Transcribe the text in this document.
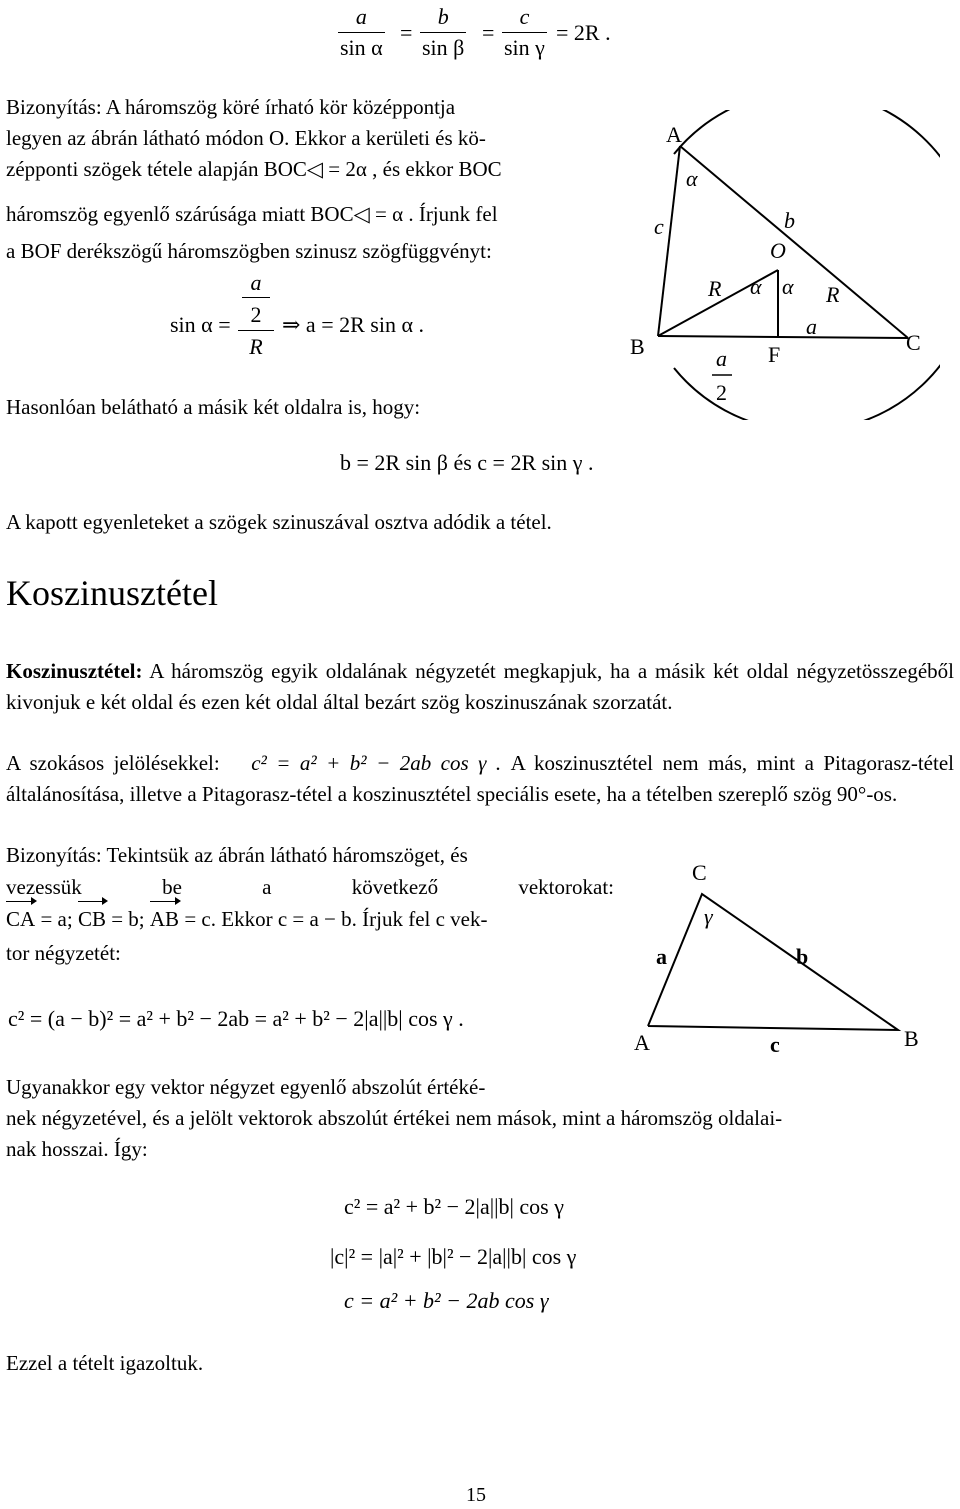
$\frac{a}{\text{sin α}} = \frac{b}{\text{sin β}} = \frac{c}{\text{sin γ}} = 2R$ .
Bizonyítás: A háromszög köré írható kör középpontja
legyen az ábrán látható módon O. Ekkor a kerületi és kö-
zépponti szögek tétele alapján BOC◁ = 2α , és ekkor BOC
háromszög egyenlő szárúsága miatt BOC◁ = α . Írjunk fel
a BOF derékszögű háromszögben szinusz szögfüggvényt:
sin α =
a
2
R
⇒ a = 2R sin α .
Hasonlóan belátható a másik két oldalra is, hogy:
b = 2R sin β és c = 2R sin γ .
A kapott egyenleteket a szögek szinuszával osztva adódik a tétel.
A
B	C
O
F
α
α α
c	b
a
R	R
a
2
Koszinusztétel
Koszinusztétel: A háromszög egyik oldalának négyzetét megkapjuk, ha a másik két oldal négyzetösszegéből kivonjuk e két oldal és ezen két oldal által bezárt szög koszinuszának szorzatát.
A szokásos jelölésekkel: c² = a² + b² − 2ab cos γ . A koszinusztétel nem más, mint a Pitagorasz-tétel általánosítása, illetve a Pitagorasz-tétel a koszinusztétel speciális esete, ha a tételben szereplő szög 90°-os.
Bizonyítás: Tekintsük az ábrán látható háromszöget, és
vezessük be a következő vektorokat:
CA = a; CB = b; AB = c. Ekkor c = a − b. Írjuk fel c vek-
tor négyzetét:
c² = (a − b)² = a² + b² − 2ab = a² + b² − 2|a||b| cos γ .
C
A	B
γ
a	b
c
Ugyanakkor egy vektor négyzet egyenlő abszolút értéké-
nek négyzetével, és a jelölt vektorok abszolút értékei nem mások, mint a háromszög oldalai-
nak hosszai. Így:
c² = a² + b² − 2|a||b| cos γ
|c|² = |a|² + |b|² − 2|a||b| cos γ
c = a² + b² − 2ab cos γ
Ezzel a tételt igazoltuk.
15
